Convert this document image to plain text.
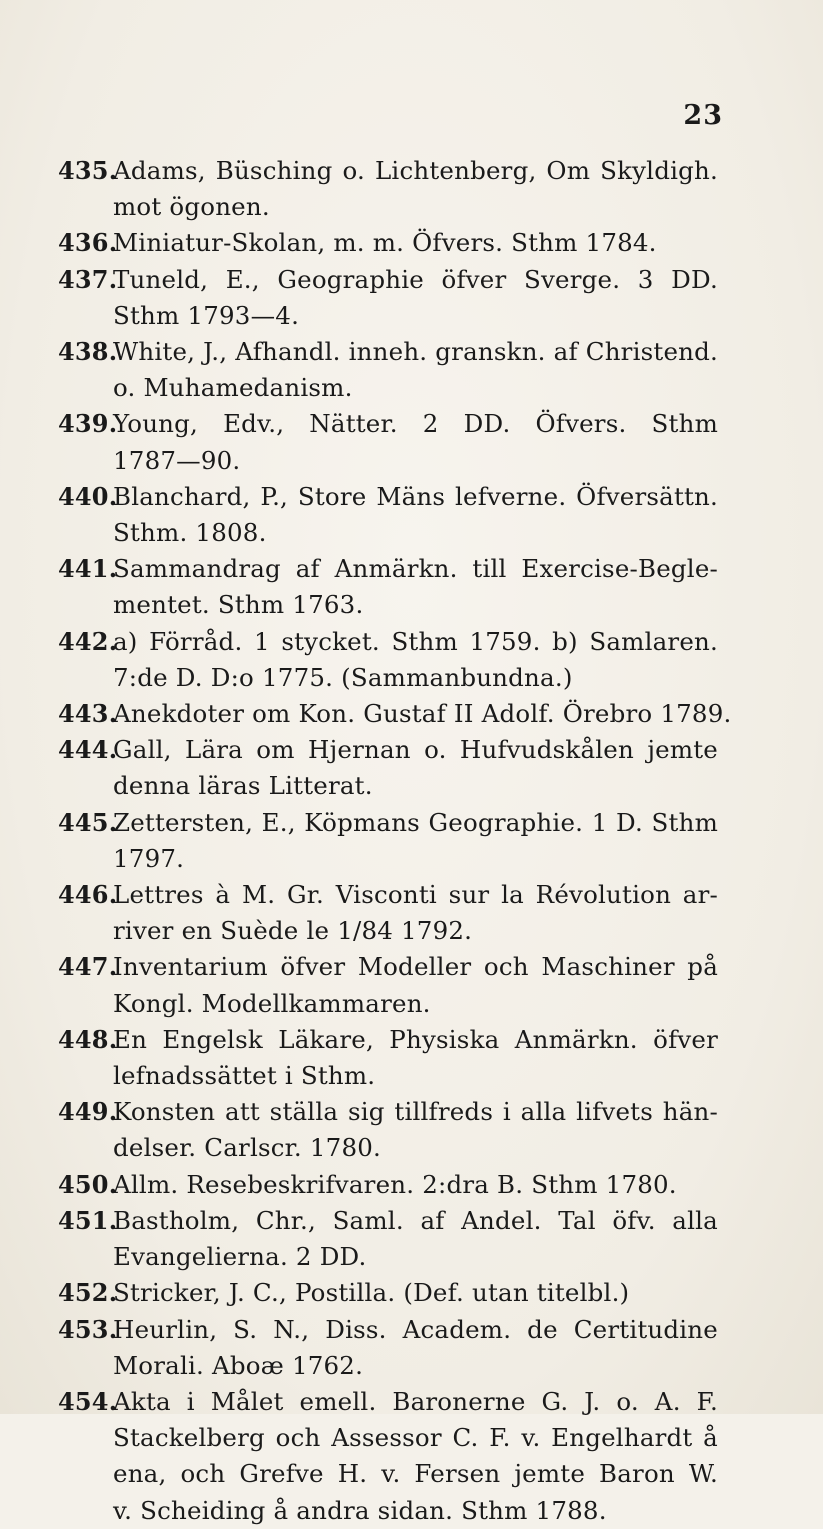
23
435.
Adams, Büsching o. Lichtenberg, Om Skyldigh.
mot ögonen.
436.
Miniatur-Skolan, m. m. Öfvers. Sthm 1784.
437.
Tuneld, E., Geographie öfver Sverge. 3 DD.
Sthm 1793—4.
438.
White, J., Afhandl. inneh. granskn. af Christend.
o. Muhamedanism.
439.
Young, Edv., Nätter. 2 DD. Öfvers. Sthm
1787—90.
440.
Blanchard, P., Store Mäns lefverne. Öfversättn.
Sthm. 1808.
441.
Sammandrag af Anmärkn. till Exercise-Begle-
mentet. Sthm 1763.
442.
a) Förråd. 1 stycket. Sthm 1759. b) Samlaren.
7:de D. D:o 1775. (Sammanbundna.)
443.
Anekdoter om Kon. Gustaf II Adolf. Örebro 1789.
444.
Gall, Lära om Hjernan o. Hufvudskålen jemte
denna läras Litterat.
445.
Zettersten, E., Köpmans Geographie. 1 D. Sthm
1797.
446.
Lettres à M. Gr. Visconti sur la Révolution ar-
river en Suède le 1/84 1792.
447.
Inventarium öfver Modeller och Maschiner på
Kongl. Modellkammaren.
448.
En Engelsk Läkare, Physiska Anmärkn. öfver
lefnadssättet i Sthm.
449.
Konsten att ställa sig tillfreds i alla lifvets hän-
delser. Carlscr. 1780.
450.
Allm. Resebeskrifvaren. 2:dra B. Sthm 1780.
451.
Bastholm, Chr., Saml. af Andel. Tal öfv. alla
Evangelierna. 2 DD.
452.
Stricker, J. C., Postilla. (Def. utan titelbl.)
453.
Heurlin, S. N., Diss. Academ. de Certitudine
Morali. Aboæ 1762.
454.
Akta i Målet emell. Baronerne G. J. o. A. F.
Stackelberg och Assessor C. F. v. Engelhardt å
ena, och Grefve H. v. Fersen jemte Baron W.
v. Scheiding å andra sidan. Sthm 1788.
